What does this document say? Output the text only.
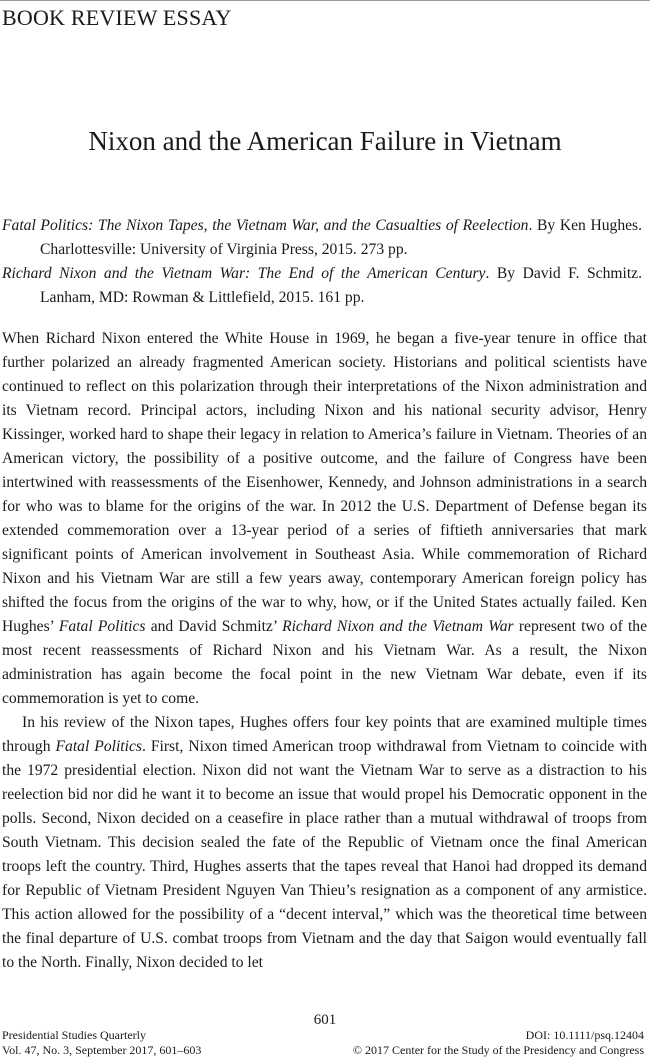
BOOK REVIEW ESSAY
Nixon and the American Failure in Vietnam

Fatal Politics: The Nixon Tapes, the Vietnam War, and the Casualties of Reelection. By Ken Hughes. Charlottesville: University of Virginia Press, 2015. 273 pp.

Richard Nixon and the Vietnam War: The End of the American Century. By David F. Schmitz. Lanham, MD: Rowman & Littlefield, 2015. 161 pp.

When Richard Nixon entered the White House in 1969, he began a five-year tenure in office that further polarized an already fragmented American society. Historians and political scientists have continued to reflect on this polarization through their interpretations of the Nixon administration and its Vietnam record. Principal actors, including Nixon and his national security advisor, Henry Kissinger, worked hard to shape their legacy in relation to America’s failure in Vietnam. Theories of an American victory, the possibility of a positive outcome, and the failure of Congress have been intertwined with reassessments of the Eisenhower, Kennedy, and Johnson administrations in a search for who was to blame for the origins of the war. In 2012 the U.S. Department of Defense began its extended commemoration over a 13-year period of a series of fiftieth anniversaries that mark significant points of American involvement in Southeast Asia. While commemoration of Richard Nixon and his Vietnam War are still a few years away, contemporary American foreign policy has shifted the focus from the origins of the war to why, how, or if the United States actually failed. Ken Hughes’ Fatal Politics and David Schmitz’ Richard Nixon and the Vietnam War represent two of the most recent reassessments of Richard Nixon and his Vietnam War. As a result, the Nixon administration has again become the focal point in the new Vietnam War debate, even if its commemoration is yet to come.

In his review of the Nixon tapes, Hughes offers four key points that are examined multiple times through Fatal Politics. First, Nixon timed American troop withdrawal from Vietnam to coincide with the 1972 presidential election. Nixon did not want the Vietnam War to serve as a distraction to his reelection bid nor did he want it to become an issue that would propel his Democratic opponent in the polls. Second, Nixon decided on a ceasefire in place rather than a mutual withdrawal of troops from South Vietnam. This decision sealed the fate of the Republic of Vietnam once the final American troops left the country. Third, Hughes asserts that the tapes reveal that Hanoi had dropped its demand for Republic of Vietnam President Nguyen Van Thieu’s resignation as a component of any armistice. This action allowed for the possibility of a “decent interval,” which was the theoretical time between the final departure of U.S. combat troops from Vietnam and the day that Saigon would eventually fall to the North. Finally, Nixon decided to let

601
Presidential Studies Quarterly
Vol. 47, No. 3, September 2017, 601–603
DOI: 10.1111/psq.12404
© 2017 Center for the Study of the Presidency and Congress
